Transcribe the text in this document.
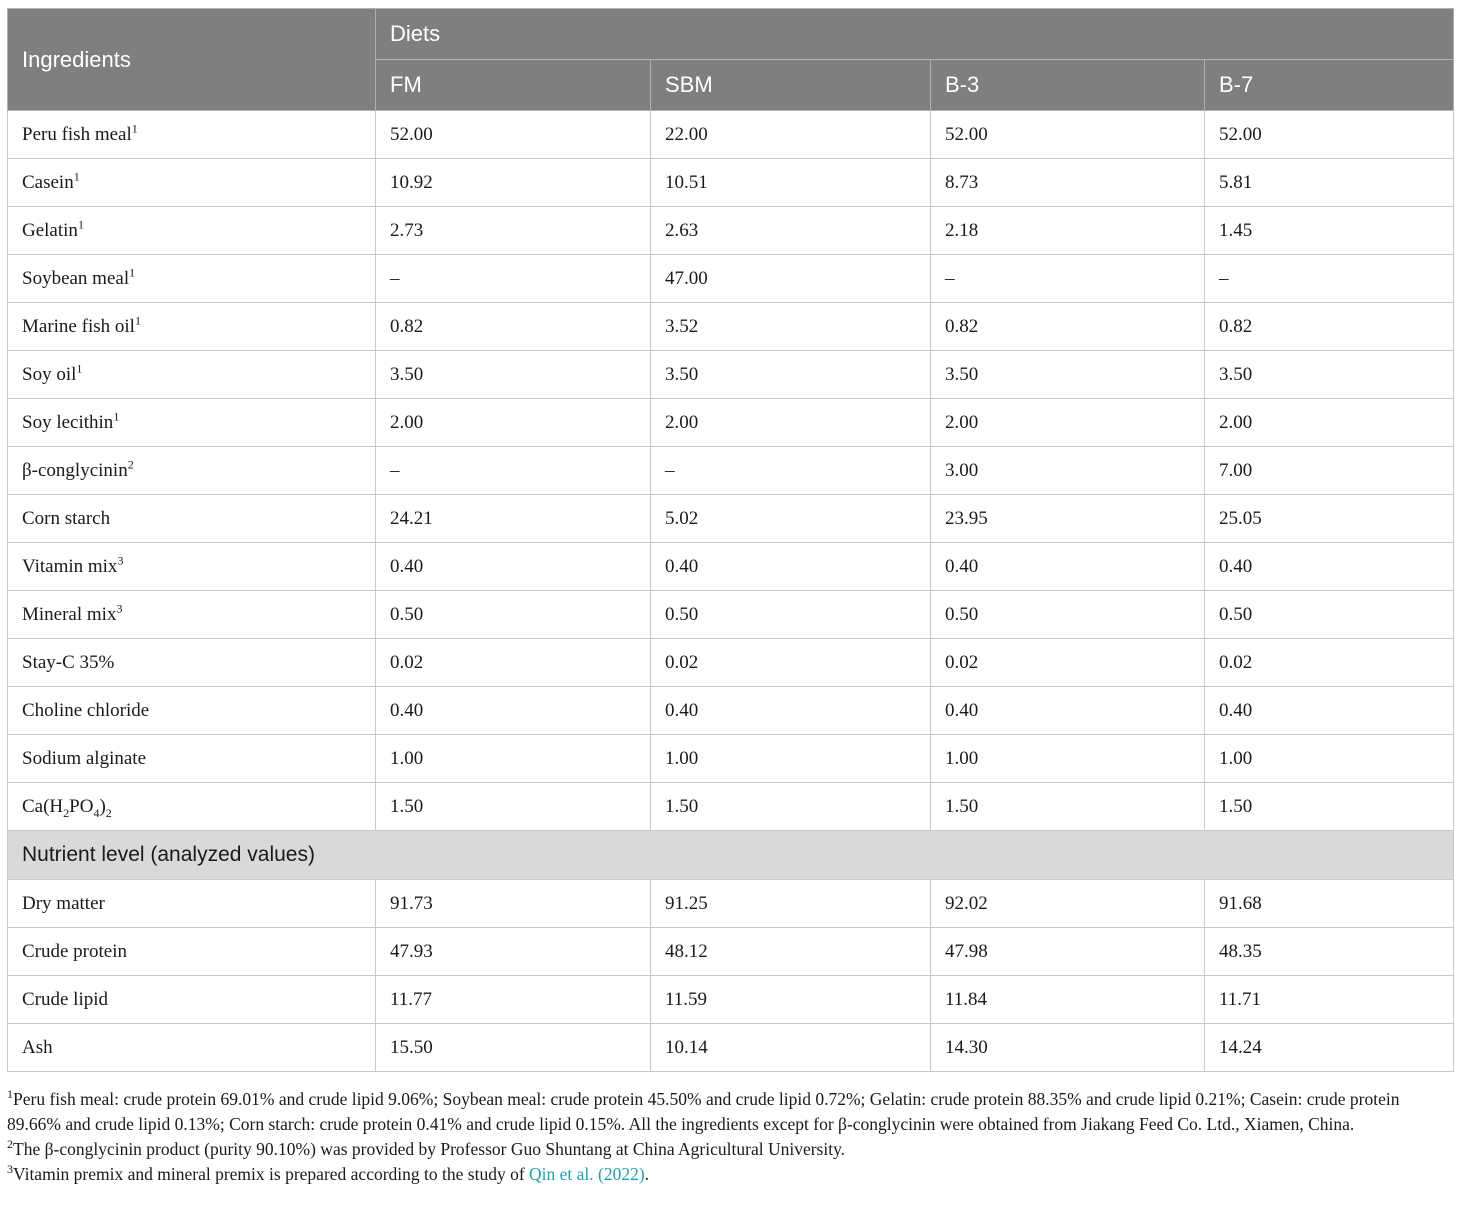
Ingredients	Diets			
	FM	SBM	B-3	B-7
Peru fish meal$^1$	52.00	22.00	52.00	52.00
Casein$^1$	10.92	10.51	8.73	5.81
Gelatin$^1$	2.73	2.63	2.18	1.45
Soybean meal$^1$	–	47.00	–	–
Marine fish oil$^1$	0.82	3.52	0.82	0.82
Soy oil$^1$	3.50	3.50	3.50	3.50
Soy lecithin$^1$	2.00	2.00	2.00	2.00
β-conglycinin$^2$	–	–	3.00	7.00
Corn starch	24.21	5.02	23.95	25.05
Vitamin mix$^3$	0.40	0.40	0.40	0.40
Mineral mix$^3$	0.50	0.50	0.50	0.50
Stay-C 35%	0.02	0.02	0.02	0.02
Choline chloride	0.40	0.40	0.40	0.40
Sodium alginate	1.00	1.00	1.00	1.00
$Ca(H_2PO_4)_2$	1.50	1.50	1.50	1.50
Nutrient level (analyzed values)				
Dry matter	91.73	91.25	92.02	91.68
Crude protein	47.93	48.12	47.98	48.35
Crude lipid	11.77	11.59	11.84	11.71
Ash	15.50	10.14	14.30	14.24

$^1$Peru fish meal: crude protein 69.01% and crude lipid 9.06%; Soybean meal: crude protein 45.50% and crude lipid 0.72%; Gelatin: crude protein 88.35% and crude lipid 0.21%; Casein: crude protein 89.66% and crude lipid 0.13%; Corn starch: crude protein 0.41% and crude lipid 0.15%. All the ingredients except for β-conglycinin were obtained from Jiakang Feed Co. Ltd., Xiamen, China.

$^2$The β-conglycinin product (purity 90.10%) was provided by Professor Guo Shuntang at China Agricultural University.

$^3$Vitamin premix and mineral premix is prepared according to the study of Qin et al. (2022).
